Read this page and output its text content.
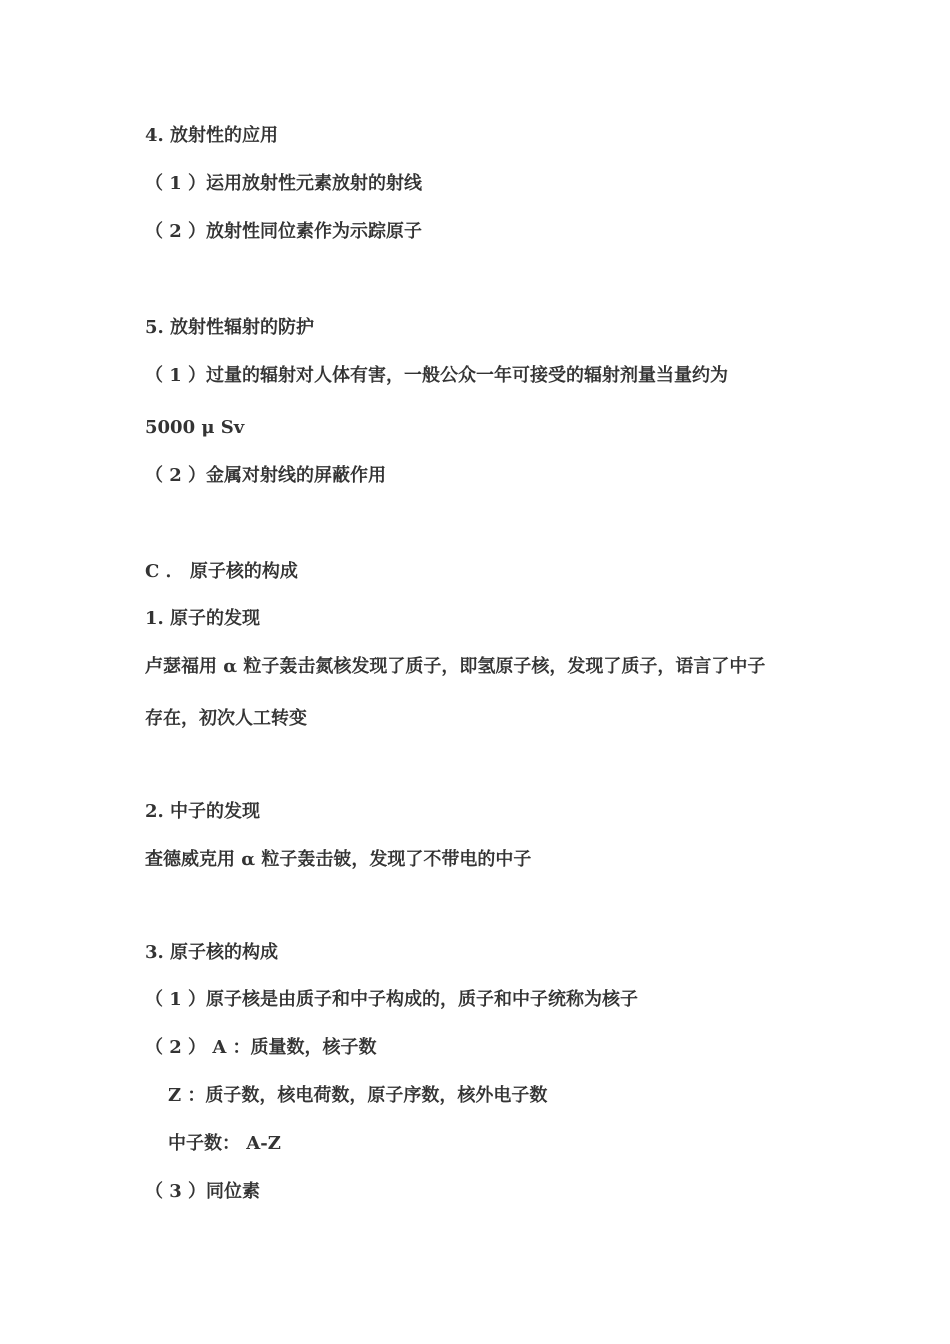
4. 放射性的应用
（ 1 ）运用放射性元素放射的射线
（ 2 ）放射性同位素作为示踪原子
5. 放射性辐射的防护
（ 1 ）过量的辐射对人体有害，一般公众一年可接受的辐射剂量当量约为
5000 μ Sv
（ 2 ）金属对射线的屏蔽作用
C ． 原子核的构成
1. 原子的发现
卢瑟福用 α 粒子轰击氮核发现了质子，即氢原子核，发现了质子，语言了中子
存在，初次人工转变
2. 中子的发现
查德威克用 α 粒子轰击铍，发现了不带电的中子
3. 原子核的构成
（ 1 ）原子核是由质子和中子构成的，质子和中子统称为核子
（ 2 ） A ：质量数，核子数
Z ：质子数，核电荷数，原子序数，核外电子数
中子数： A-Z
（ 3 ）同位素
